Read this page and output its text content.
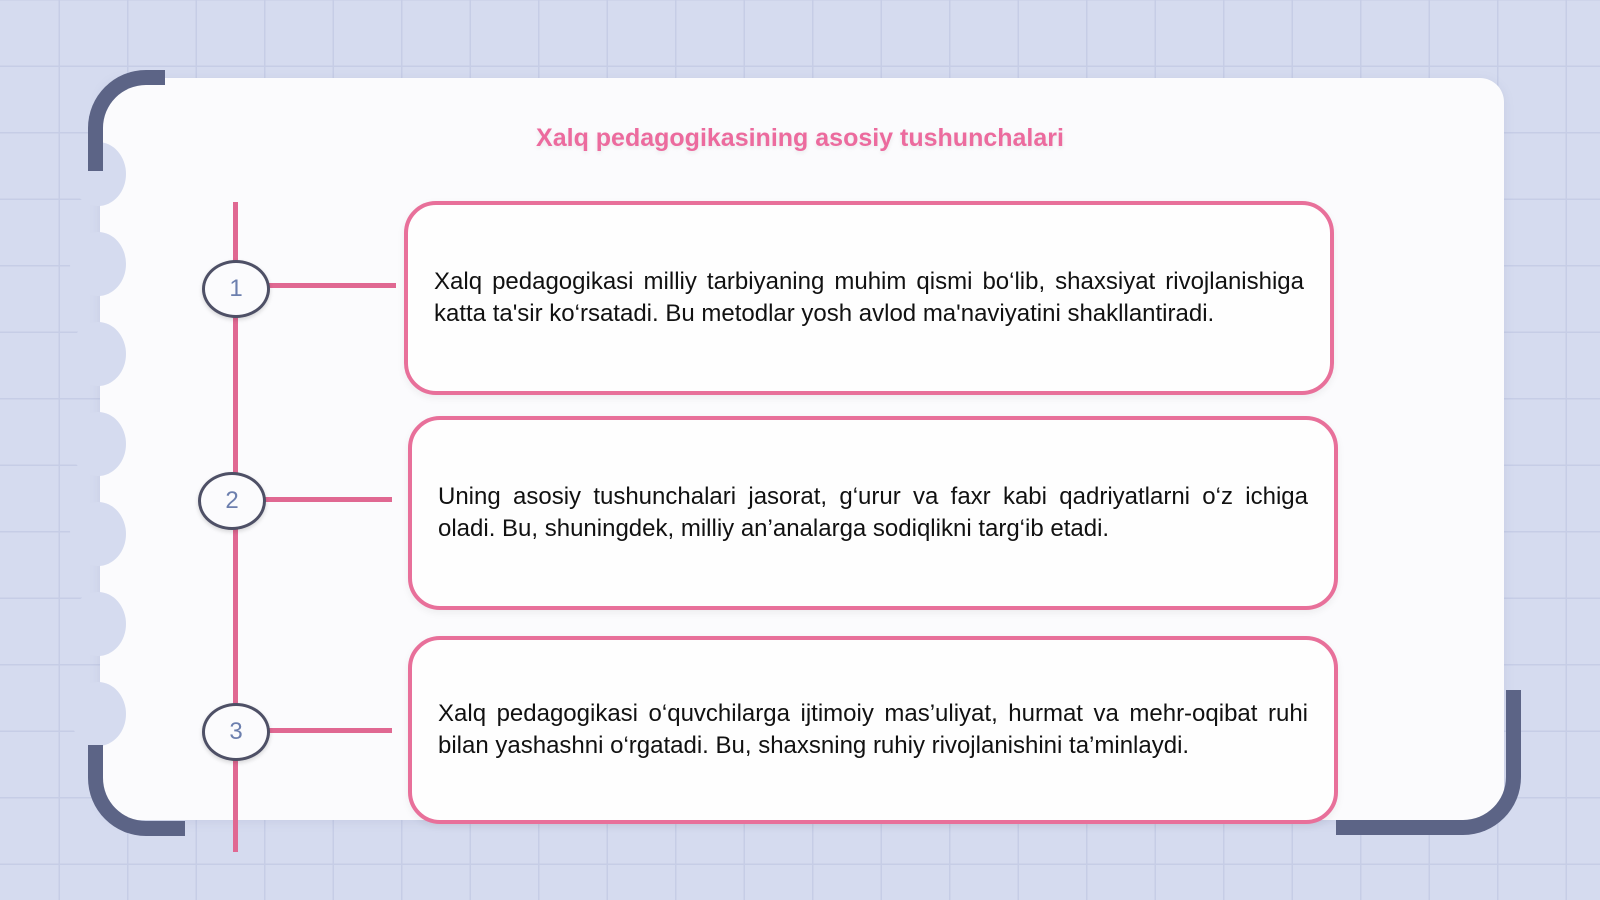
Xalq pedagogikasining asosiy tushunchalari
1
2
3

Xalq pedagogikasi milliy tarbiyaning muhim qismi bo‘lib, shaxsiyat rivojlanishiga katta ta'sir ko‘rsatadi. Bu metodlar yosh avlod ma'naviyatini shakllantiradi.

Uning asosiy tushunchalari jasorat, g‘urur va faxr kabi qadriyatlarni o‘z ichiga oladi. Bu, shuningdek, milliy an’analarga sodiqlikni targ‘ib etadi.

Xalq pedagogikasi o‘quvchilarga ijtimoiy mas’uliyat, hurmat va mehr-oqibat ruhi bilan yashashni o‘rgatadi. Bu, shaxsning ruhiy rivojlanishini ta’minlaydi.
